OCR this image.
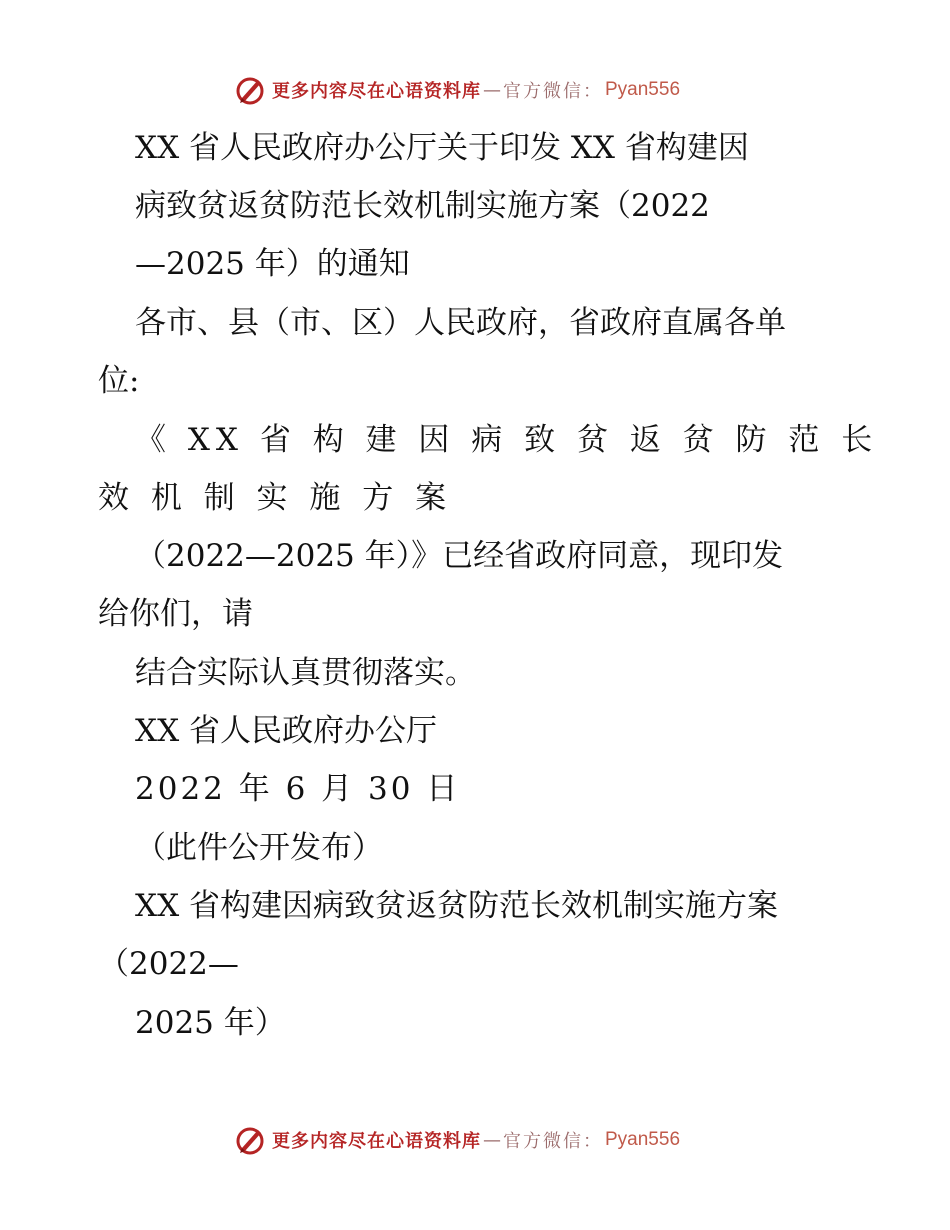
更多内容尽在心语资料库 — 官方微信： Pyan556
XX 省人民政府办公厅关于印发 XX 省构建因
病致贫返贫防范长效机制实施方案（2022
—2025 年）的通知
各市、县（市、区）人民政府，省政府直属各单
位:
《 XX 省 构 建 因 病 致 贫 返 贫 防 范 长
效 机 制 实 施 方 案
（2022—2025 年）》已经省政府同意，现印发
给你们，请
结合实际认真贯彻落实。
XX 省人民政府办公厅
2022 年 6 月 30 日
（此件公开发布）
XX 省构建因病致贫返贫防范长效机制实施方案
（2022—
2025 年）
更多内容尽在心语资料库 — 官方微信： Pyan556
